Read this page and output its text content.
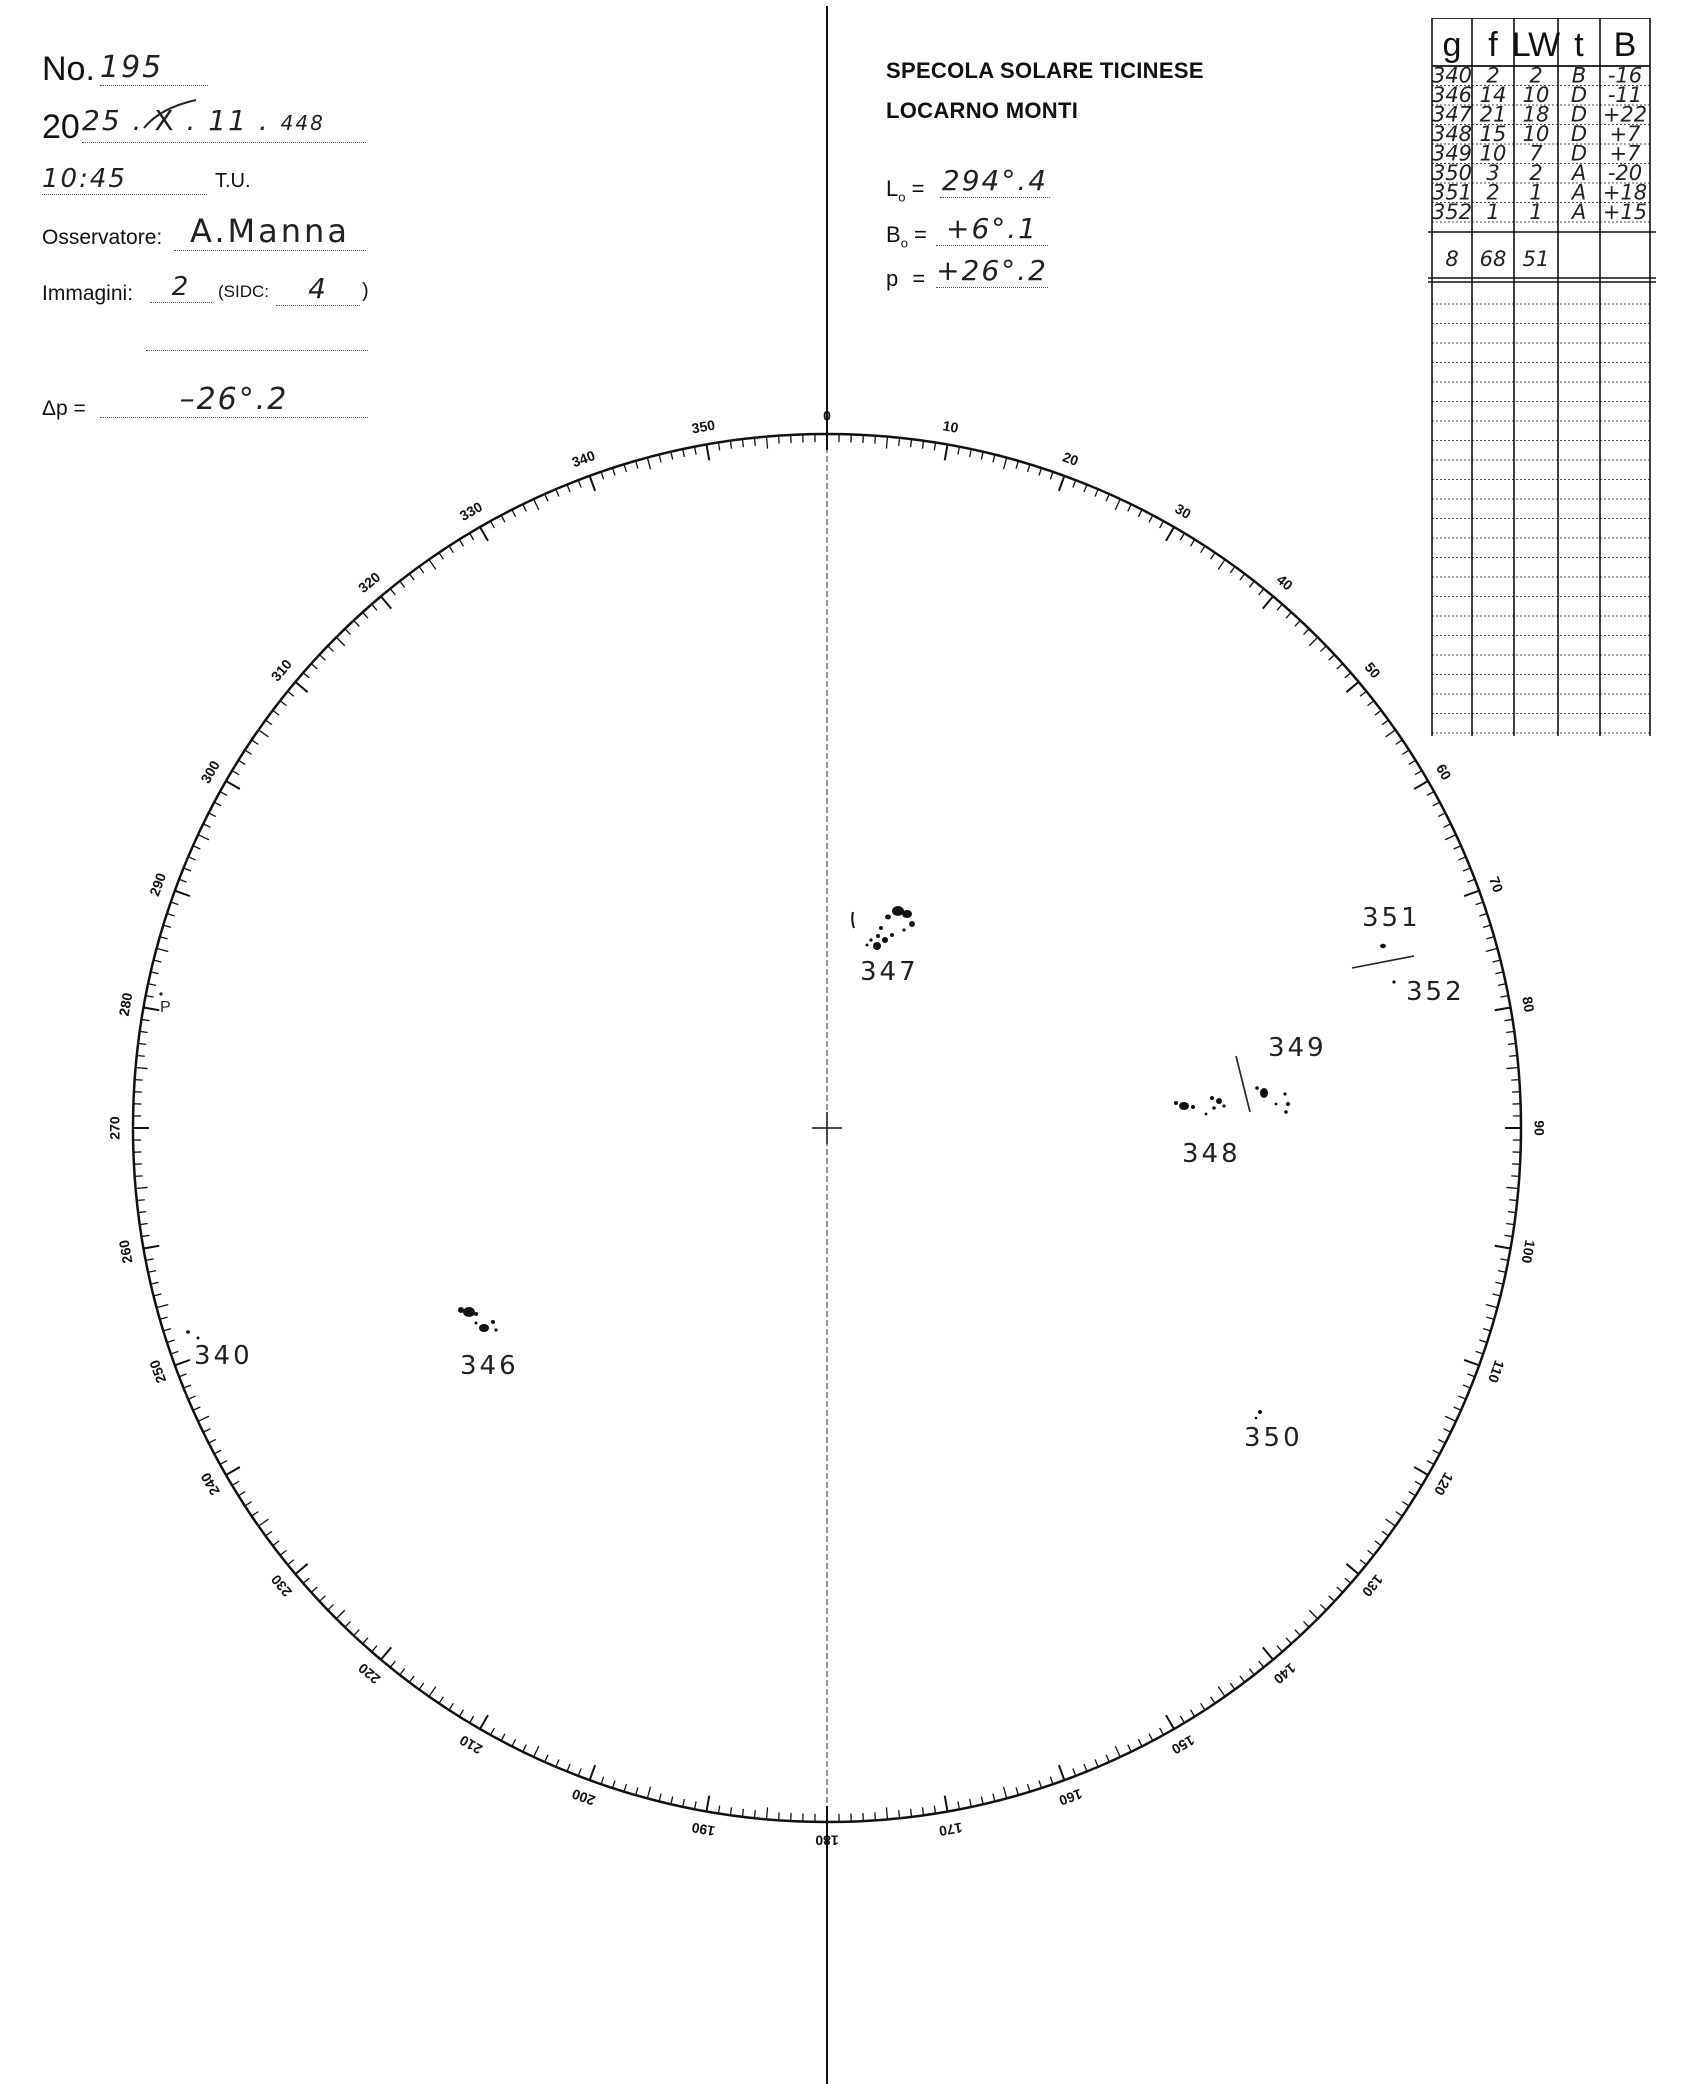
No. 195
20 25 . X . 11 . 448
10:45	T.U.
Osservatore: A.Manna
Immagini:	2	(SIDC:	4	)
Δp =	–26°.2
SPECOLA SOLARE TICINESE
LOCARNO MONTI
$L_o = 294^\circ.4$
$B_o = +6^\circ.1$
p = +26°.2
g f LW t B
340 2 2 B -16
346 14 10 D -11
347 21 18 D +22
348 15 10 D +7
349 10 7 D +7
350 3 2 A -20
351 2 1 A +18
352 1 1 A +15
8 68 51
0
10
20
30
40
50
60
70
80
90
100
110
120
130
140
150
160
170
180
190
200
210
220
230
240
250
260
270
280
290
300
310
320
330
340
350
P
347
351
352
349
348
346
340
350
